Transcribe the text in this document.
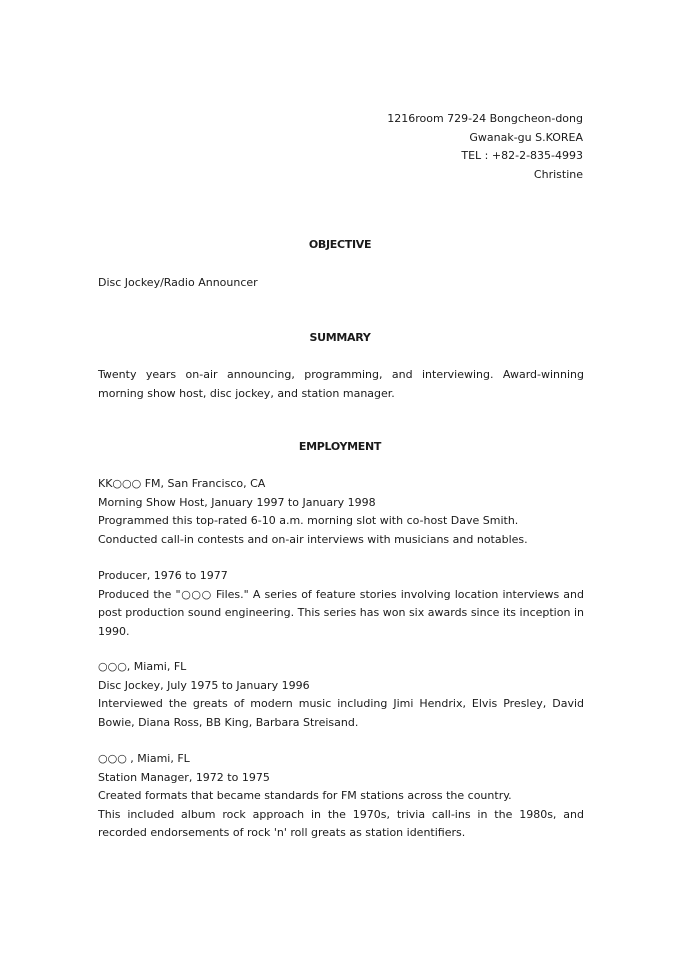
1216room 729-24 Bongcheon-dong
Gwanak-gu S.KOREA
TEL : +82-2-835-4993
Christine
OBJECTIVE
Disc Jockey/Radio Announcer
SUMMARY
Twenty years on-air announcing, programming, and interviewing. Award-winning morning show host, disc jockey, and station manager.
EMPLOYMENT
KK○○○ FM, San Francisco, CA
Morning Show Host, January 1997 to January 1998
Programmed this top-rated 6-10 a.m. morning slot with co-host Dave Smith.
Conducted call-in contests and on-air interviews with musicians and notables.
Producer, 1976 to 1977
Produced the "○○○ Files." A series of feature stories involving location interviews and post production sound engineering. This series has won six awards since its inception in 1990.
○○○, Miami, FL
Disc Jockey, July 1975 to January 1996
Interviewed the greats of modern music including Jimi Hendrix, Elvis Presley, David Bowie, Diana Ross, BB King, Barbara Streisand.
○○○ , Miami, FL
Station Manager, 1972 to 1975
Created formats that became standards for FM stations across the country.
This included album rock approach in the 1970s, trivia call-ins in the 1980s, and recorded endorsements of rock 'n' roll greats as station identifiers.
